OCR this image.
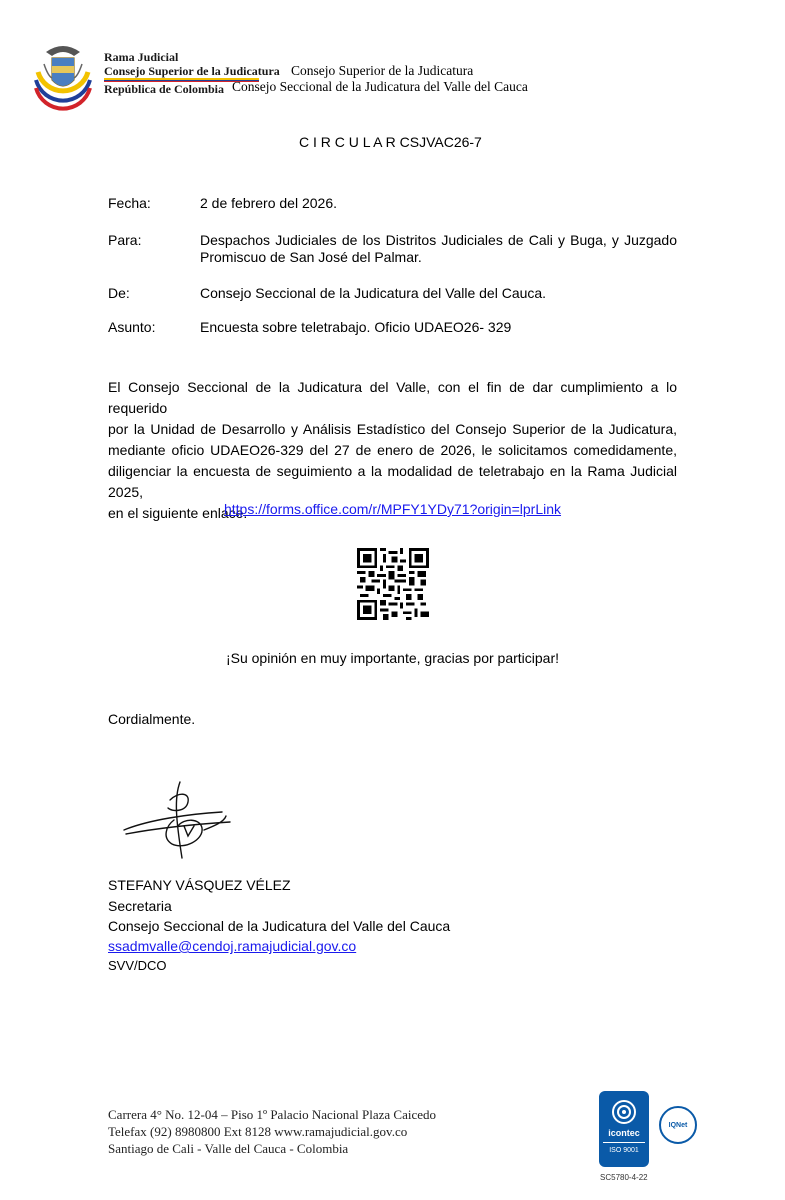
Rama Judicial
Consejo Superior de la Judicatura
República de Colombia
Consejo Superior de la Judicatura
Consejo Seccional de la Judicatura del Valle del Cauca
C I R C U L A R CSJVAC26-7
Fecha:	2 de febrero del 2026.
Para:	Despachos Judiciales de los Distritos Judiciales de Cali y Buga, y Juzgado
Promiscuo de San José del Palmar.
De:	Consejo Seccional de la Judicatura del Valle del Cauca.
Asunto:	Encuesta sobre teletrabajo. Oficio UDAEO26- 329
El Consejo Seccional de la Judicatura del Valle, con el fin de dar cumplimiento a lo requerido
por la Unidad de Desarrollo y Análisis Estadístico del Consejo Superior de la Judicatura,
mediante oficio UDAEO26-329 del 27 de enero de 2026, le solicitamos comedidamente,
diligenciar la encuesta de seguimiento a la modalidad de teletrabajo en la Rama Judicial 2025,
en el siguiente enlace.
https://forms.office.com/r/MPFY1YDy71?origin=lprLink
¡Su opinión en muy importante, gracias por participar!
Cordialmente.
STEFANY VÁSQUEZ VÉLEZ
Secretaria
Consejo Seccional de la Judicatura del Valle del Cauca
ssadmvalle@cendoj.ramajudicial.gov.co
SVV/DCO
Carrera 4° No. 12-04 – Piso 1º Palacio Nacional Plaza Caicedo
Telefax (92) 8980800 Ext 8128 www.ramajudicial.gov.co
Santiago de Cali - Valle del Cauca - Colombia
icontec
ISO 9001
IQNet
SC5780-4-22
